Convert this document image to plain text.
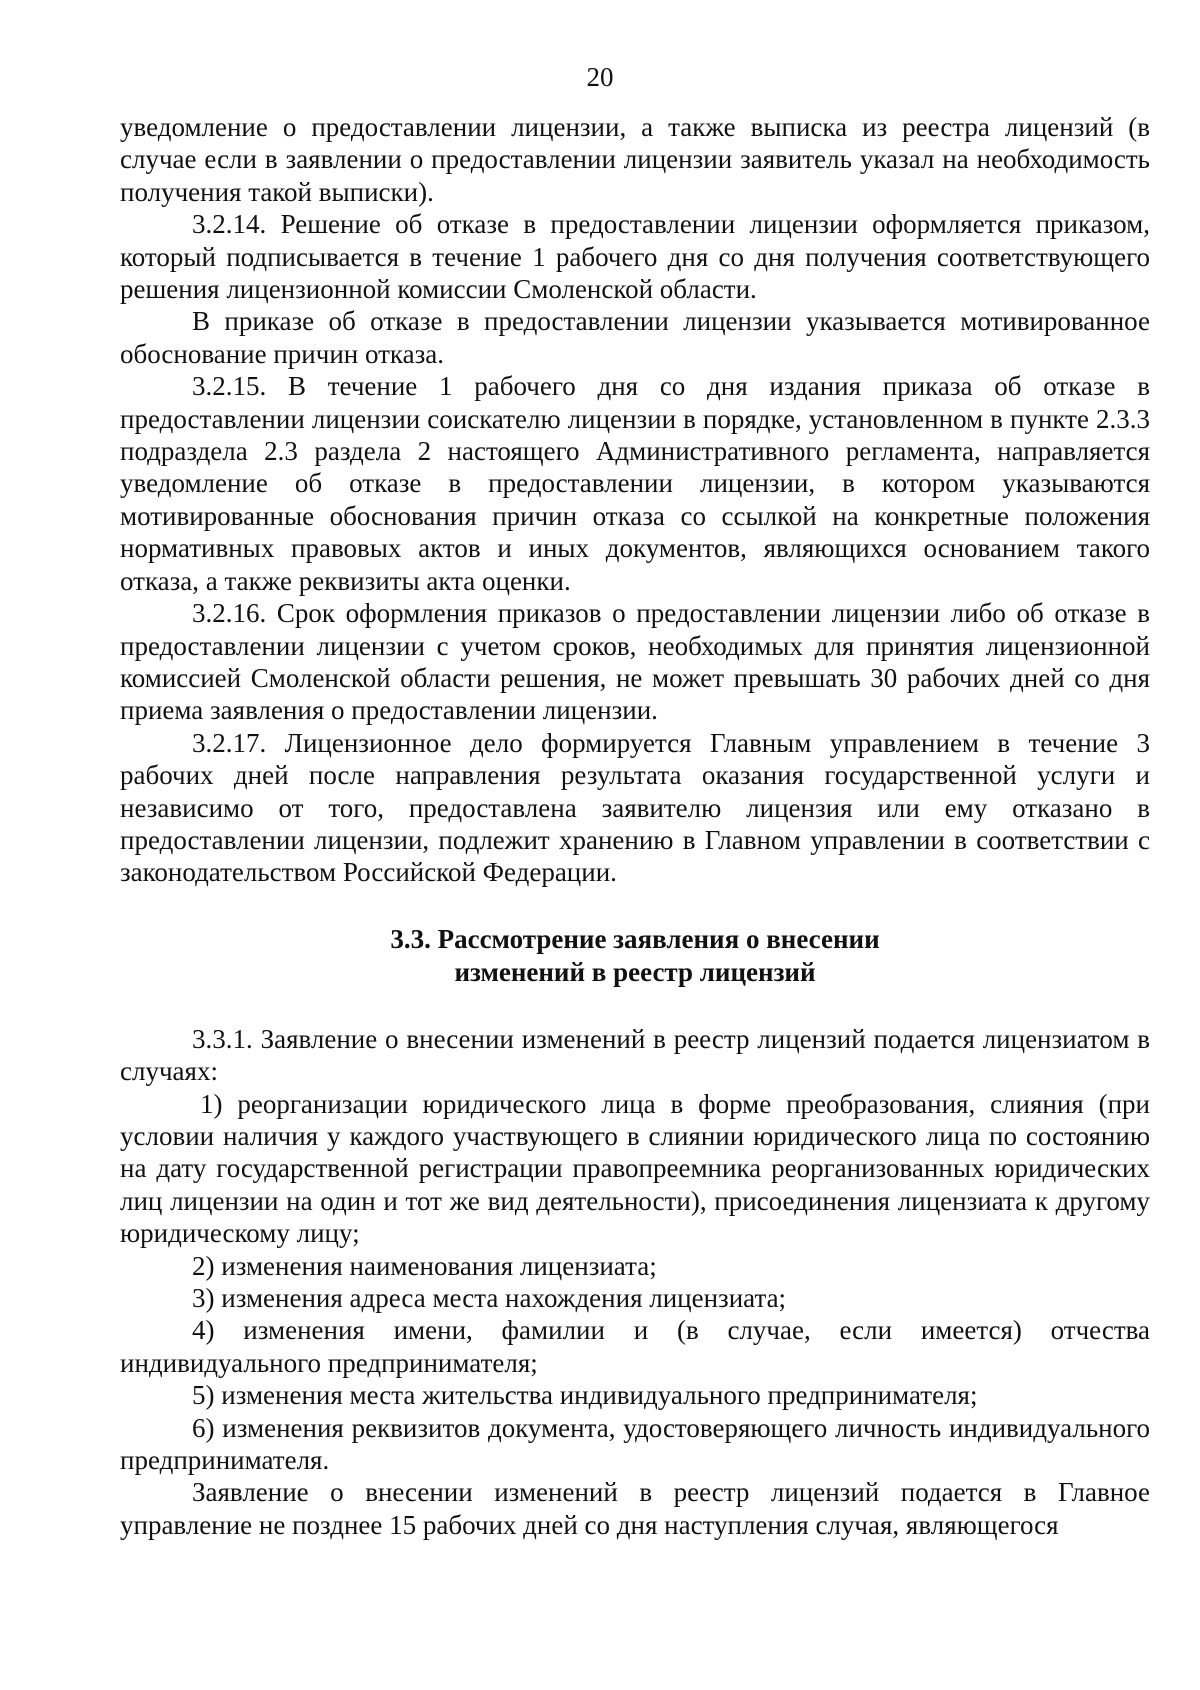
20

уведомление о предоставлении лицензии, а также выписка из реестра лицензий (в случае если в заявлении о предоставлении лицензии заявитель указал на необходимость получения такой выписки).

3.2.14. Решение об отказе в предоставлении лицензии оформляется приказом, который подписывается в течение 1 рабочего дня со дня получения соответствующего решения лицензионной комиссии Смоленской области.

В приказе об отказе в предоставлении лицензии указывается мотивированное обоснование причин отказа.

3.2.15. В течение 1 рабочего дня со дня издания приказа об отказе в предоставлении лицензии соискателю лицензии в порядке, установленном в пункте 2.3.3 подраздела 2.3 раздела 2 настоящего Административного регламента, направляется уведомление об отказе в предоставлении лицензии, в котором указываются мотивированные обоснования причин отказа со ссылкой на конкретные положения нормативных правовых актов и иных документов, являющихся основанием такого отказа, а также реквизиты акта оценки.

3.2.16. Срок оформления приказов о предоставлении лицензии либо об отказе в предоставлении лицензии с учетом сроков, необходимых для принятия лицензионной комиссией Смоленской области решения, не может превышать 30 рабочих дней со дня приема заявления о предоставлении лицензии.

3.2.17. Лицензионное дело формируется Главным управлением в течение 3 рабочих дней после направления результата оказания государственной услуги и независимо от того, предоставлена заявителю лицензия или ему отказано в предоставлении лицензии, подлежит хранению в Главном управлении в соответствии с законодательством Российской Федерации.

3.3. Рассмотрение заявления о внесении
изменений в реестр лицензий

3.3.1. Заявление о внесении изменений в реестр лицензий подается лицензиатом в случаях:

1) реорганизации юридического лица в форме преобразования, слияния (при условии наличия у каждого участвующего в слиянии юридического лица по состоянию на дату государственной регистрации правопреемника реорганизованных юридических лиц лицензии на один и тот же вид деятельности), присоединения лицензиата к другому юридическому лицу;

2) изменения наименования лицензиата;

3) изменения адреса места нахождения лицензиата;

4) изменения имени, фамилии и (в случае, если имеется) отчества индивидуального предпринимателя;

5) изменения места жительства индивидуального предпринимателя;

6) изменения реквизитов документа, удостоверяющего личность индивидуального предпринимателя.

Заявление о внесении изменений в реестр лицензий подается в Главное управление не позднее 15 рабочих дней со дня наступления случая, являющегося
